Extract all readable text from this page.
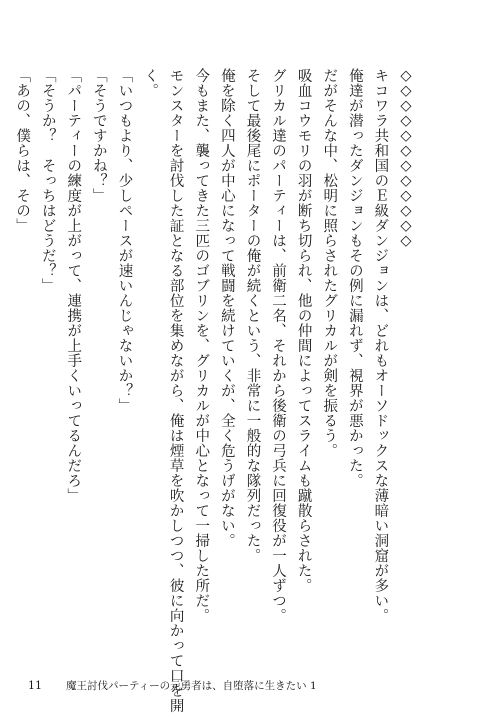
◇◇◇◇◇◇◇◇◇◇◇◇
キコワラ共和国のＥ級ダンジョンは、どれもオーソドックスな薄暗い洞窟が多い。
俺達が潜ったダンジョンもその例に漏れず、視界が悪かった。
だがそんな中、松明に照らされたグリカルが剣を振るう。
吸血コウモリの羽が断ち切られ、他の仲間によってスライムも蹴散らされた。
グリカル達のパーティーは、前衛二名、それから後衛の弓兵に回復役が一人ずつ。
そして最後尾にポーターの俺が続くという、非常に一般的な隊列だった。
俺を除く四人が中心になって戦闘を続けていくが、全く危うげがない。
今もまた、襲ってきた三匹のゴブリンを、グリカルが中心となって一掃した所だ。
モンスターを討伐した証となる部位を集めながら、俺は煙草を吹かしつつ、彼に向かって口を開
く。
「いつもより、少しペースが速いんじゃないか？」
「そうですかね？」
「パーティーの練度が上がって、連携が上手くいってるんだろ」
「そうか？　そっちはどうだ？」
「あの、僕らは、その」
11 魔王討伐パーティーの元勇者は、自堕落に生きたい 1
